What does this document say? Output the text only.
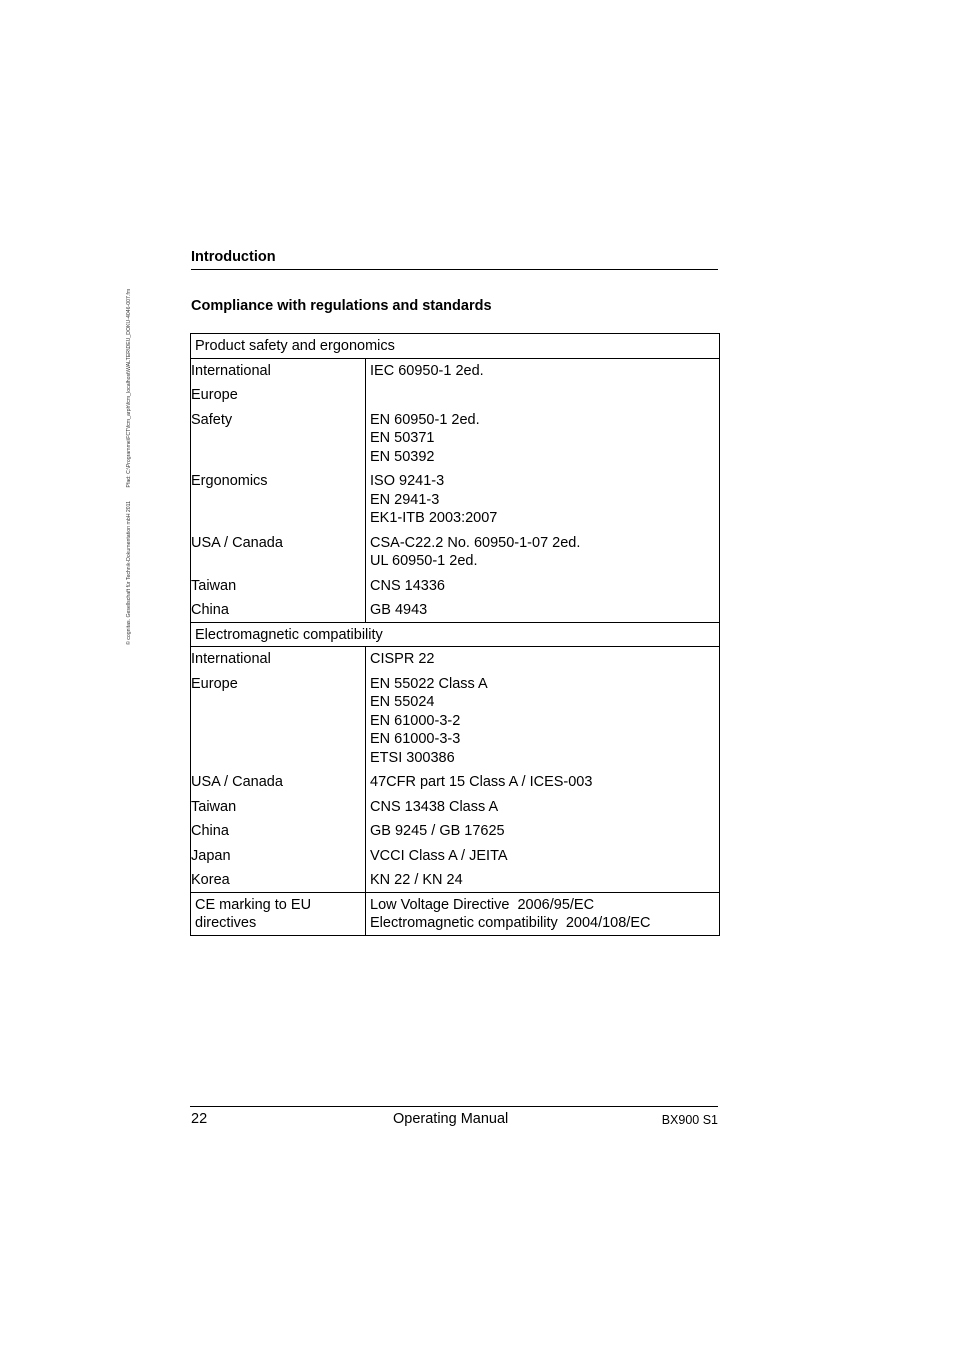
© cognitas. Gesellschaft für Technik-Dokumentation mbH 2011 Pfad: C:\Programme\FCT\fcm_arph\fcm_localhost\WALTER\DEU_DOKU-4046-007.fm
Introduction
Compliance with regulations and standards
Product safety and ergonomics	
International	IEC 60950-1 2ed.

Europe	
Safety	EN 60950-1 2ed.
EN 50371
EN 50392

Ergonomics	ISO 9241-3
EN 2941-3
EK1-ITB 2003:2007

USA / Canada	CSA-C22.2 No. 60950-1-07 2ed.
UL 60950-1 2ed.

Taiwan	CNS 14336

China	GB 4943

Electromagnetic compatibility	
International	CISPR 22

Europe	EN 55022 Class A
EN 55024
EN 61000-3-2
EN 61000-3-3
ETSI 300386

USA / Canada	47CFR part 15 Class A / ICES-003

Taiwan	CNS 13438 Class A

China	GB 9245 / GB 17625

Japan	VCCI Class A / JEITA

Korea	KN 22 / KN 24

CE marking to EU
directives	Low Voltage Directive  2006/95/EC
Electromagnetic compatibility  2004/108/EC
22	Operating Manual	BX900 S1
